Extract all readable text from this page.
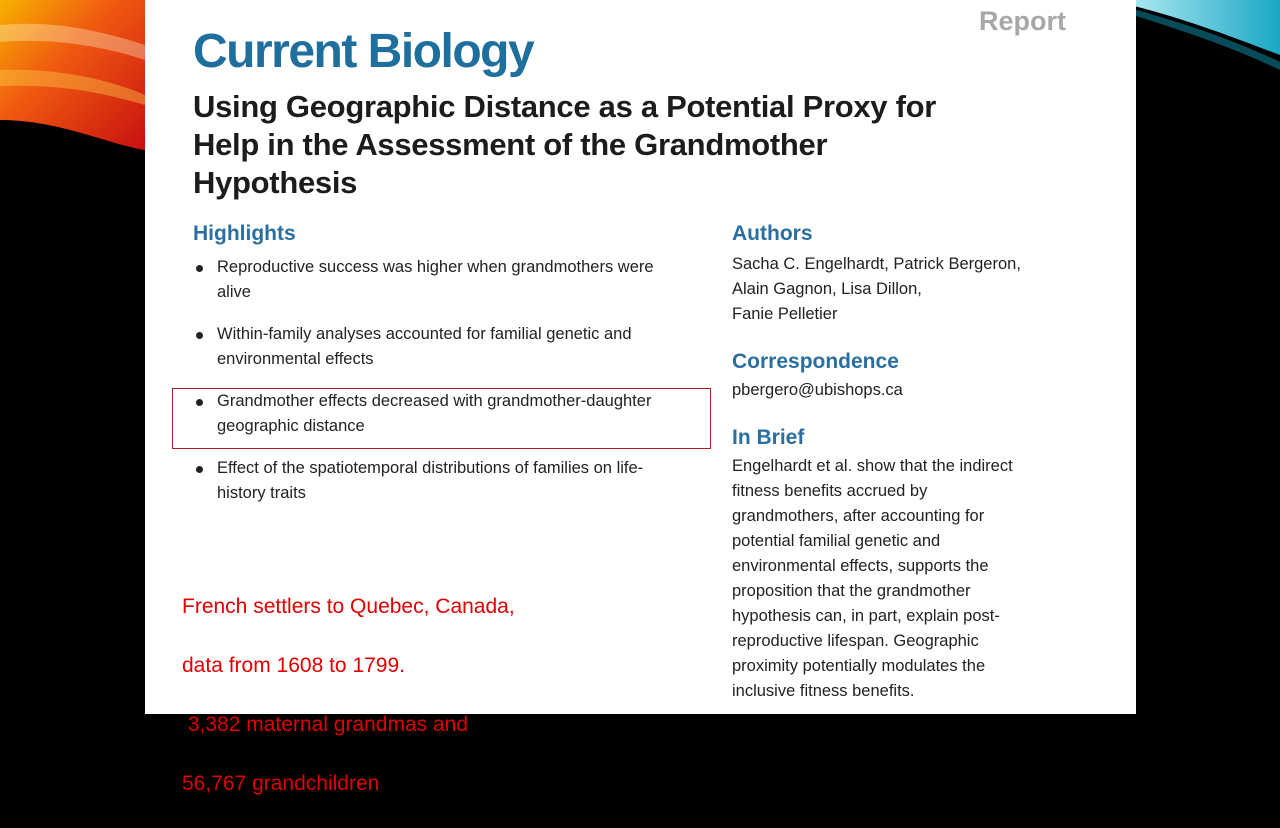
Report
Current Biology
Using Geographic Distance as a Potential Proxy for
Help in the Assessment of the Grandmother
Hypothesis
Highlights
Reproductive success was higher when grandmothers were
alive
Within-family analyses accounted for familial genetic and
environmental effects
Grandmother effects decreased with grandmother-daughter
geographic distance
Effect of the spatiotemporal distributions of families on life-
history traits

French settlers to Quebec, Canada,

data from 1608 to 1799.

3,382 maternal grandmas and

56,767 grandchildren

Authors
Sacha C. Engelhardt, Patrick Bergeron,
Alain Gagnon, Lisa Dillon,
Fanie Pelletier
Correspondence
pbergero@ubishops.ca
In Brief
Engelhardt et al. show that the indirect
fitness benefits accrued by
grandmothers, after accounting for
potential familial genetic and
environmental effects, supports the
proposition that the grandmother
hypothesis can, in part, explain post-
reproductive lifespan. Geographic
proximity potentially modulates the
inclusive fitness benefits.
